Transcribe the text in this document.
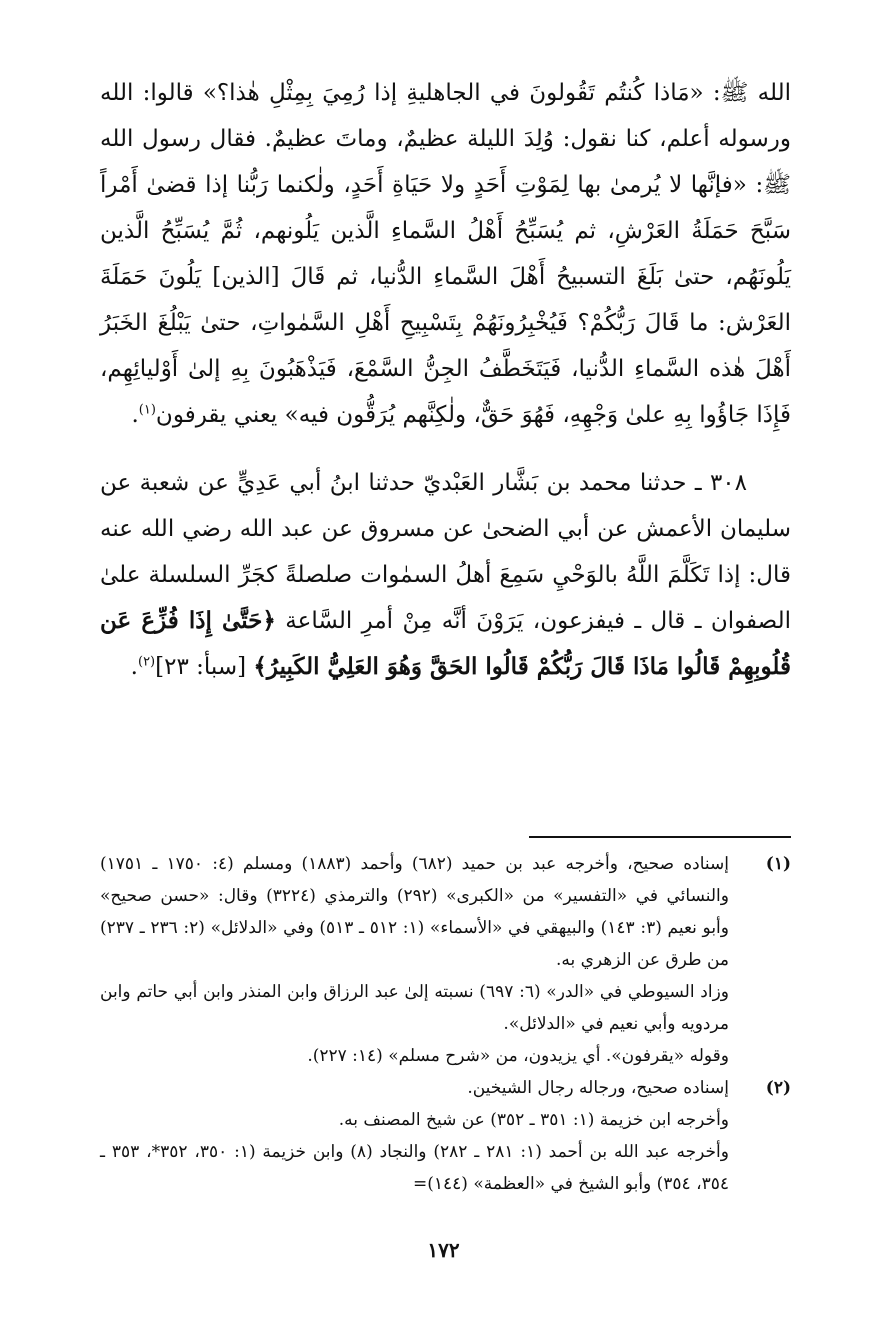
الله ﷺ: «مَاذا كُنتُم تَقُولونَ في الجاهليةِ إذا رُمِيَ بِمِثْلِ هٰذا؟» قالوا: الله ورسوله أعلم، كنا نقول: وُلِدَ الليلة عظيمٌ، وماتَ عظيمٌ. فقال رسول الله ﷺ: «فإنَّها لا يُرمىٰ بها لِمَوْتِ أَحَدٍ ولا حَيَاةِ أَحَدٍ، ولٰكنما رَبُّنا إذا قضىٰ أَمْراً سَبَّحَ حَمَلَةُ العَرْشِ، ثم يُسَبِّحُ أَهْلُ السَّماءِ الَّذين يَلُونهم، ثُمَّ يُسَبِّحُ الَّذين يَلُونَهُم، حتىٰ بَلَغَ التسبيحُ أَهْلَ السَّماءِ الدُّنيا، ثم قَالَ [الذين] يَلُونَ حَمَلَةَ العَرْش: ما قَالَ رَبُّكُمْ؟ فَيُخْبِرُونَهُمْ بِتَسْبِيحِ أَهْلِ السَّمٰواتِ، حتىٰ يَبْلُغَ الخَبَرُ أَهْلَ هٰذه السَّماءِ الدُّنيا، فَيَتَخَطَّفُ الجِنُّ السَّمْعَ، فَيَذْهَبُونَ بِهِ إلىٰ أَوْليائِهِم، فَإِذَا جَاؤُوا بِهِ علىٰ وَجْهِهِ، فَهُوَ حَقٌّ، ولٰكِنَّهم يُرَقُّون فيه» يعني يقرفون$^{(١)}$.

٣٠٨ ـ حدثنا محمد بن بَشَّار العَبْديّ حدثنا ابنُ أبي عَدِيٍّ عن شعبة عن سليمان الأعمش عن أبي الضحىٰ عن مسروق عن عبد الله رضي الله عنه قال: إذا تَكَلَّمَ اللَّهُ بالوَحْيِ سَمِعَ أهلُ السمٰوات صلصلةً كجَرِّ السلسلة علىٰ الصفوان ـ قال ـ فيفزعون، يَرَوْنَ أنَّه مِنْ أمرِ السَّاعة ﴿حَتَّىٰ إِذَا فُزِّعَ عَن قُلُوبِهِمْ قَالُوا مَاذَا قَالَ رَبُّكُمْ قَالُوا الحَقَّ وَهُوَ العَلِيُّ الكَبِيرُ﴾ [سبأ: ٢٣]$^{(٢)}$.

(١)

إسناده صحيح، وأخرجه عبد بن حميد (٦٨٢) وأحمد (١٨٨٣) ومسلم (٤: ١٧٥٠ ـ ١٧٥١) والنسائي في «التفسير» من «الكبرى» (٢٩٢) والترمذي (٣٢٢٤) وقال: «حسن صحيح» وأبو نعيم (٣: ١٤٣) والبيهقي في «الأسماء» (١: ٥١٢ ـ ٥١٣) وفي «الدلائل» (٢: ٢٣٦ ـ ٢٣٧) من طرق عن الزهري به.

وزاد السيوطي في «الدر» (٦: ٦٩٧) نسبته إلىٰ عبد الرزاق وابن المنذر وابن أبي حاتم وابن مردويه وأبي نعيم في «الدلائل».

وقوله «يقرفون». أي يزيدون، من «شرح مسلم» (١٤: ٢٢٧).

(٢)

إسناده صحيح، ورجاله رجال الشيخين.

وأخرجه ابن خزيمة (١: ٣٥١ ـ ٣٥٢) عن شيخ المصنف به.

وأخرجه عبد الله بن أحمد (١: ٢٨١ ـ ٢٨٢) والنجاد (٨) وابن خزيمة (١: ٣٥٠، ٣٥٢*، ٣٥٣ ـ ٣٥٤، ٣٥٤) وأبو الشيخ في «العظمة» (١٤٤)=

١٧٢
